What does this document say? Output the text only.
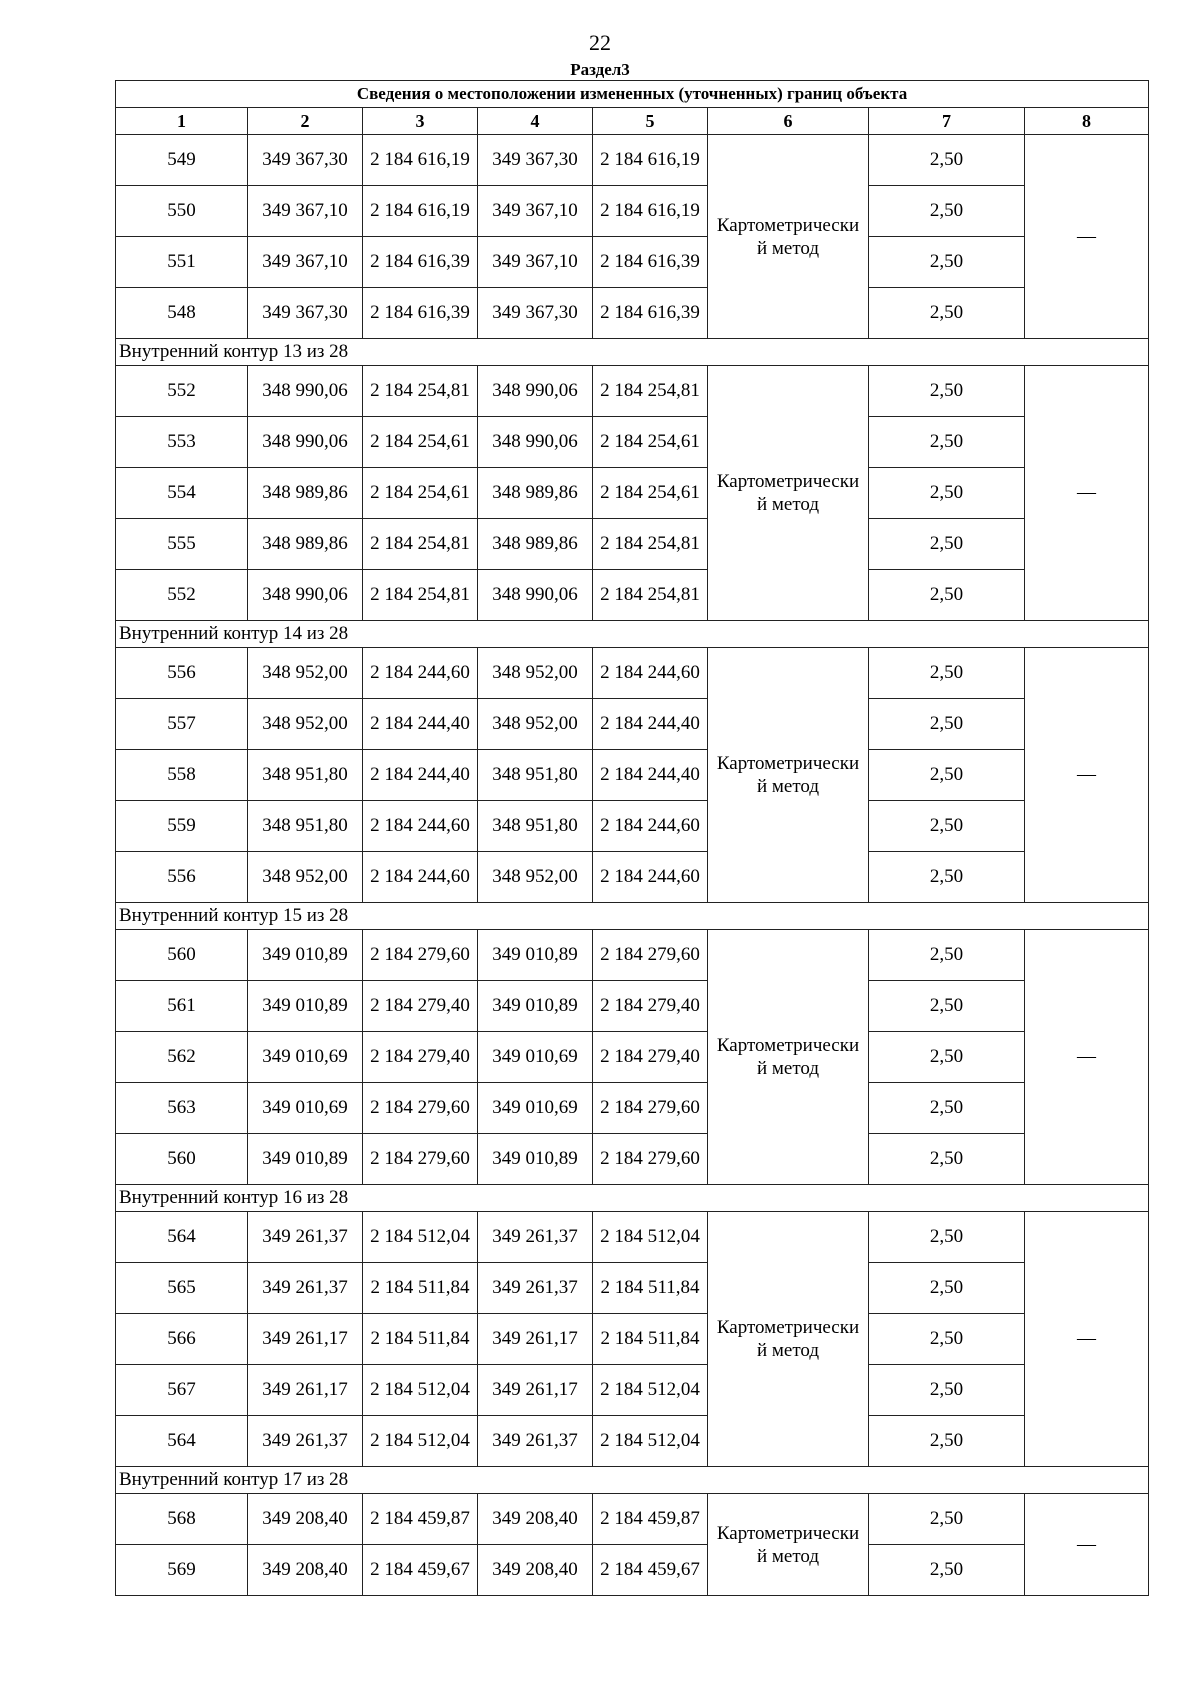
22
Раздел3
Сведения о местоположении измененных (уточненных) границ объекта							
1	2	3	4	5	6	7	8
549	349 367,30	2 184 616,19	349 367,30	2 184 616,19	Картометрически й метод	2,50	—
550	349 367,10	2 184 616,19	349 367,10	2 184 616,19		2,50	
551	349 367,10	2 184 616,39	349 367,10	2 184 616,39		2,50	
548	349 367,30	2 184 616,39	349 367,30	2 184 616,39		2,50	
Внутренний контур 13 из 28							
552	348 990,06	2 184 254,81	348 990,06	2 184 254,81	Картометрически й метод	2,50	—
553	348 990,06	2 184 254,61	348 990,06	2 184 254,61		2,50	
554	348 989,86	2 184 254,61	348 989,86	2 184 254,61		2,50	
555	348 989,86	2 184 254,81	348 989,86	2 184 254,81		2,50	
552	348 990,06	2 184 254,81	348 990,06	2 184 254,81		2,50	
Внутренний контур 14 из 28							
556	348 952,00	2 184 244,60	348 952,00	2 184 244,60	Картометрически й метод	2,50	—
557	348 952,00	2 184 244,40	348 952,00	2 184 244,40		2,50	
558	348 951,80	2 184 244,40	348 951,80	2 184 244,40		2,50	
559	348 951,80	2 184 244,60	348 951,80	2 184 244,60		2,50	
556	348 952,00	2 184 244,60	348 952,00	2 184 244,60		2,50	
Внутренний контур 15 из 28							
560	349 010,89	2 184 279,60	349 010,89	2 184 279,60	Картометрически й метод	2,50	—
561	349 010,89	2 184 279,40	349 010,89	2 184 279,40		2,50	
562	349 010,69	2 184 279,40	349 010,69	2 184 279,40		2,50	
563	349 010,69	2 184 279,60	349 010,69	2 184 279,60		2,50	
560	349 010,89	2 184 279,60	349 010,89	2 184 279,60		2,50	
Внутренний контур 16 из 28							
564	349 261,37	2 184 512,04	349 261,37	2 184 512,04	Картометрически й метод	2,50	—
565	349 261,37	2 184 511,84	349 261,37	2 184 511,84		2,50	
566	349 261,17	2 184 511,84	349 261,17	2 184 511,84		2,50	
567	349 261,17	2 184 512,04	349 261,17	2 184 512,04		2,50	
564	349 261,37	2 184 512,04	349 261,37	2 184 512,04		2,50	
Внутренний контур 17 из 28							
568	349 208,40	2 184 459,87	349 208,40	2 184 459,87	Картометрически й метод	2,50	—
569	349 208,40	2 184 459,67	349 208,40	2 184 459,67		2,50	
